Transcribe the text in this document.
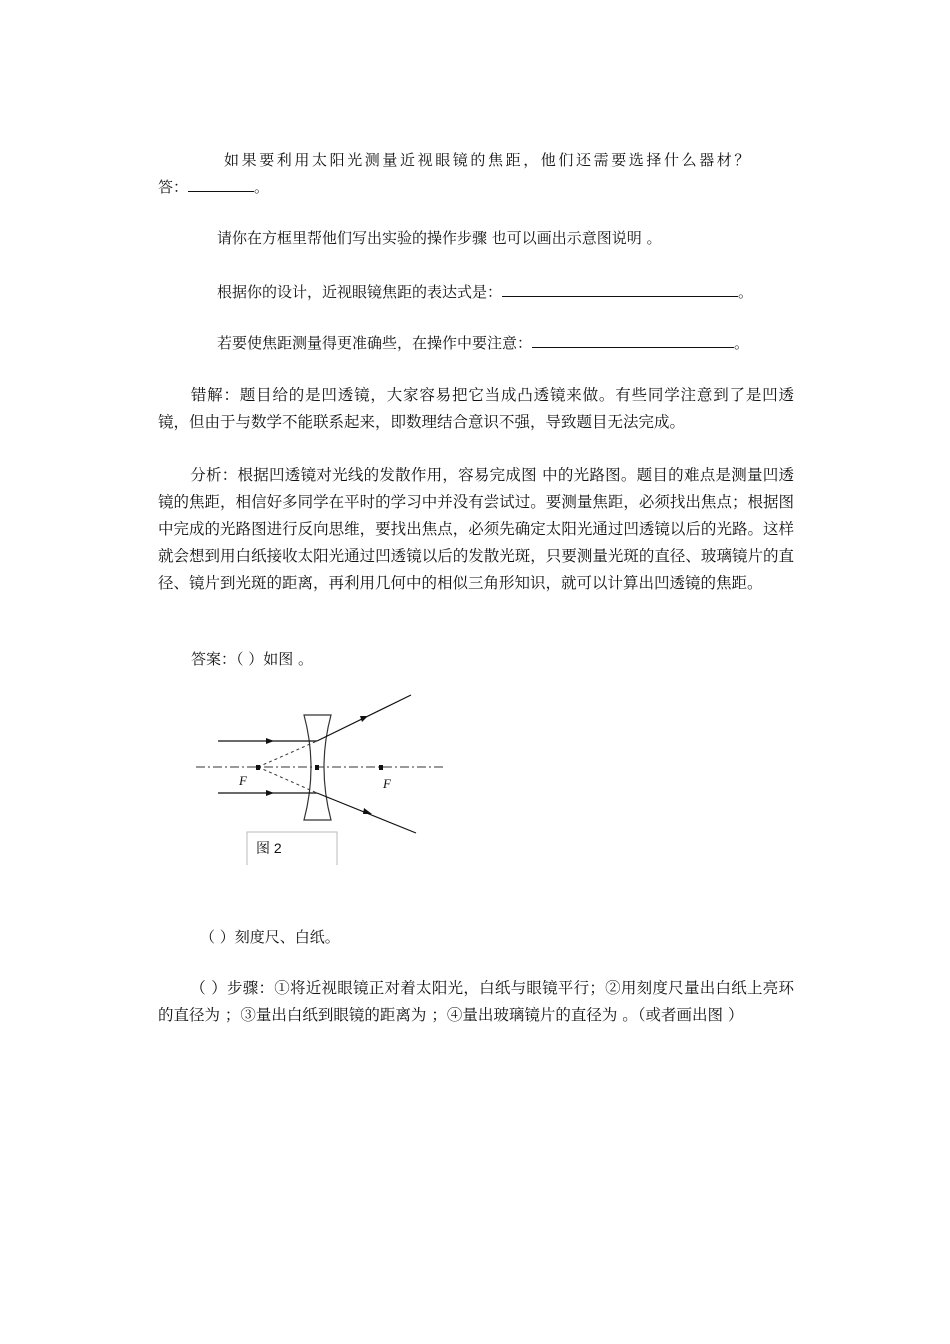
如果要利用太阳光测量近视眼镜的焦距，他们还需要选择什么器材？
答：	。
请你在方框里帮他们写出实验的操作步骤 也可以画出示意图说明 。
根据你的设计，近视眼镜焦距的表达式是：	。
若要使焦距测量得更准确些，在操作中要注意：	。
错解：题目给的是凹透镜，大家容易把它当成凸透镜来做。有些同学注意到了是凹透镜，但由于与数学不能联系起来，即数理结合意识不强，导致题目无法完成。
分析：根据凹透镜对光线的发散作用，容易完成图 中的光路图。题目的难点是测量凹透镜的焦距，相信好多同学在平时的学习中并没有尝试过。要测量焦距，必须找出焦点；根据图 中完成的光路图进行反向思维，要找出焦点，必须先确定太阳光通过凹透镜以后的光路。这样就会想到用白纸接收太阳光通过凹透镜以后的发散光斑，只要测量光斑的直径、玻璃镜片的直径、镜片到光斑的距离，再利用几何中的相似三角形知识，就可以计算出凹透镜的焦距。
答案：（ ）如图 。
F	F
图 2
（ ）刻度尺、白纸。
（ ）步骤：①将近视眼镜正对着太阳光，白纸与眼镜平行；②用刻度尺量出白纸上亮环的直径为 ；③量出白纸到眼镜的距离为 ；④量出玻璃镜片的直径为 。（或者画出图 ）
